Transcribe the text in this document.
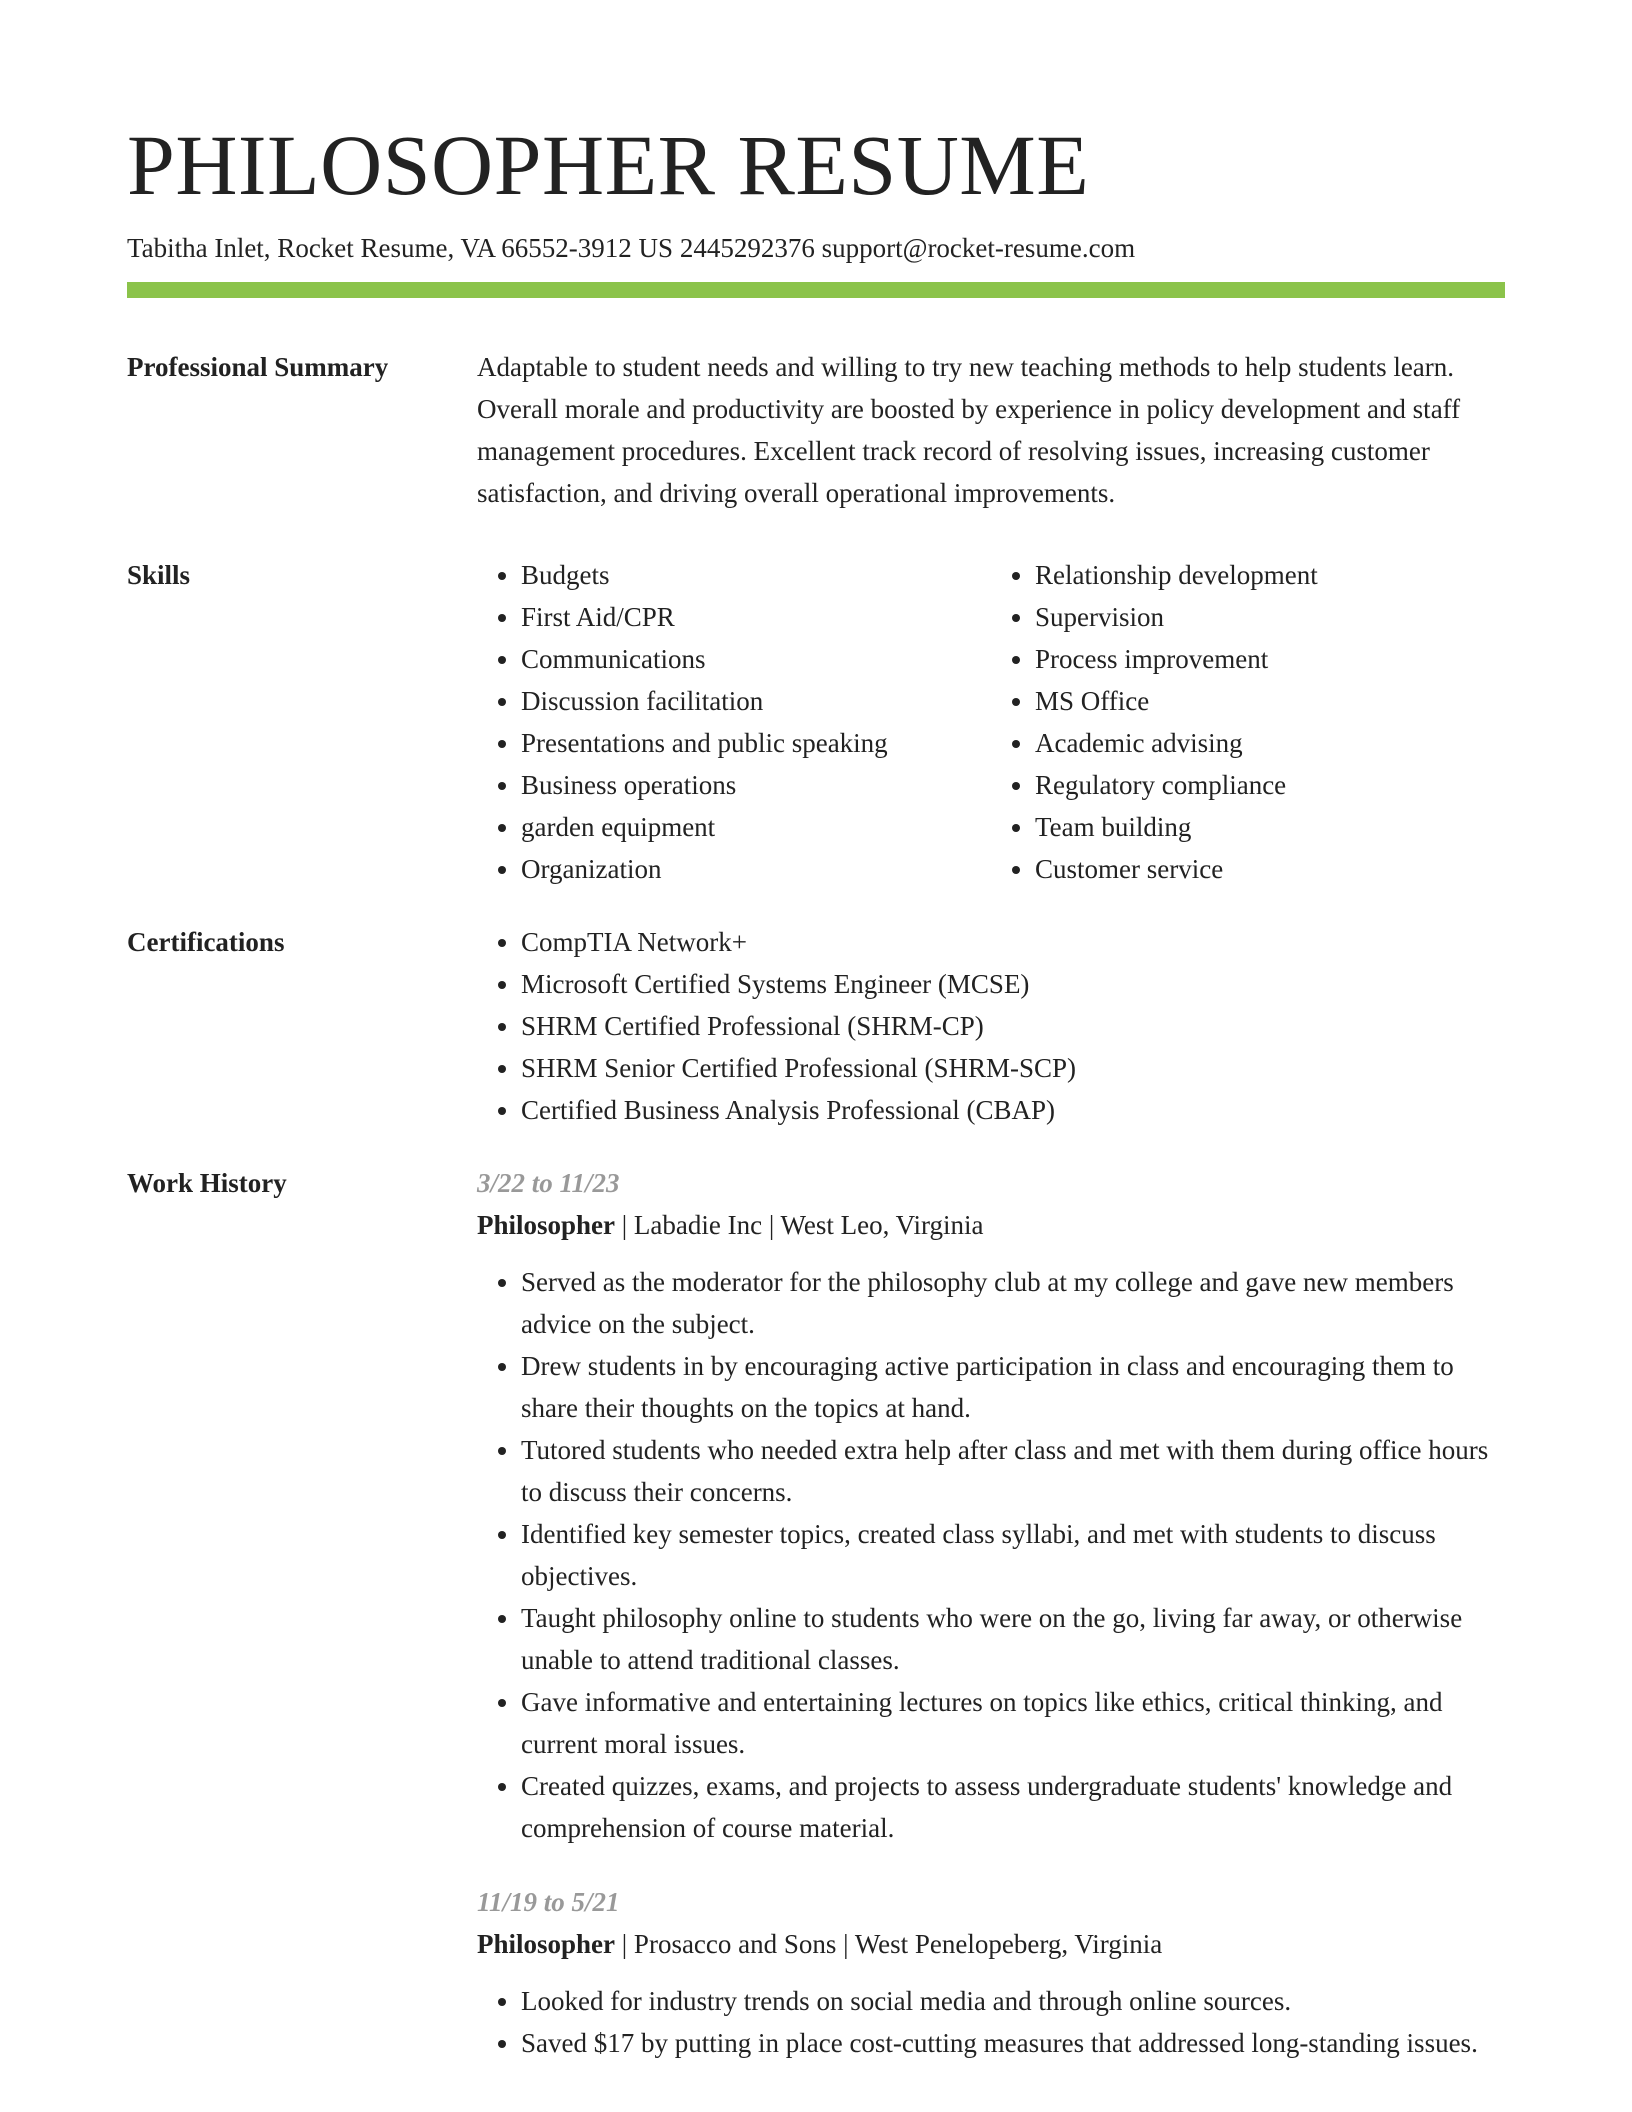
PHILOSOPHER RESUME
Tabitha Inlet, Rocket Resume, VA 66552-3912 US 2445292376 support@rocket-resume.com
Professional Summary	Adaptable to student needs and willing to try new teaching methods to help students learn. Overall morale and productivity are boosted by experience in policy development and staff management procedures. Excellent track record of resolving issues, increasing customer satisfaction, and driving overall operational improvements.

Skills	• Budgets
• First Aid/CPR
• Communications
• Discussion facilitation
• Presentations and public speaking
• Business operations
• garden equipment
• Organization
• Relationship development
• Supervision
• Process improvement
• MS Office
• Academic advising
• Regulatory compliance
• Team building
• Customer service
Certifications	• CompTIA Network+
• Microsoft Certified Systems Engineer (MCSE)
• SHRM Certified Professional (SHRM-CP)
• SHRM Senior Certified Professional (SHRM-SCP)
• Certified Business Analysis Professional (CBAP)
Work History	3/22 to 11/23
Philosopher | Labadie Inc | West Leo, Virginia
• Served as the moderator for the philosophy club at my college and gave new members advice on the subject.
• Drew students in by encouraging active participation in class and encouraging them to share their thoughts on the topics at hand.
• Tutored students who needed extra help after class and met with them during office hours to discuss their concerns.
• Identified key semester topics, created class syllabi, and met with students to discuss objectives.
• Taught philosophy online to students who were on the go, living far away, or otherwise unable to attend traditional classes.
• Gave informative and entertaining lectures on topics like ethics, critical thinking, and current moral issues.
• Created quizzes, exams, and projects to assess undergraduate students' knowledge and comprehension of course material.
11/19 to 5/21
Philosopher | Prosacco and Sons | West Penelopeberg, Virginia
• Looked for industry trends on social media and through online sources.
• Saved $17 by putting in place cost-cutting measures that addressed long-standing issues.
